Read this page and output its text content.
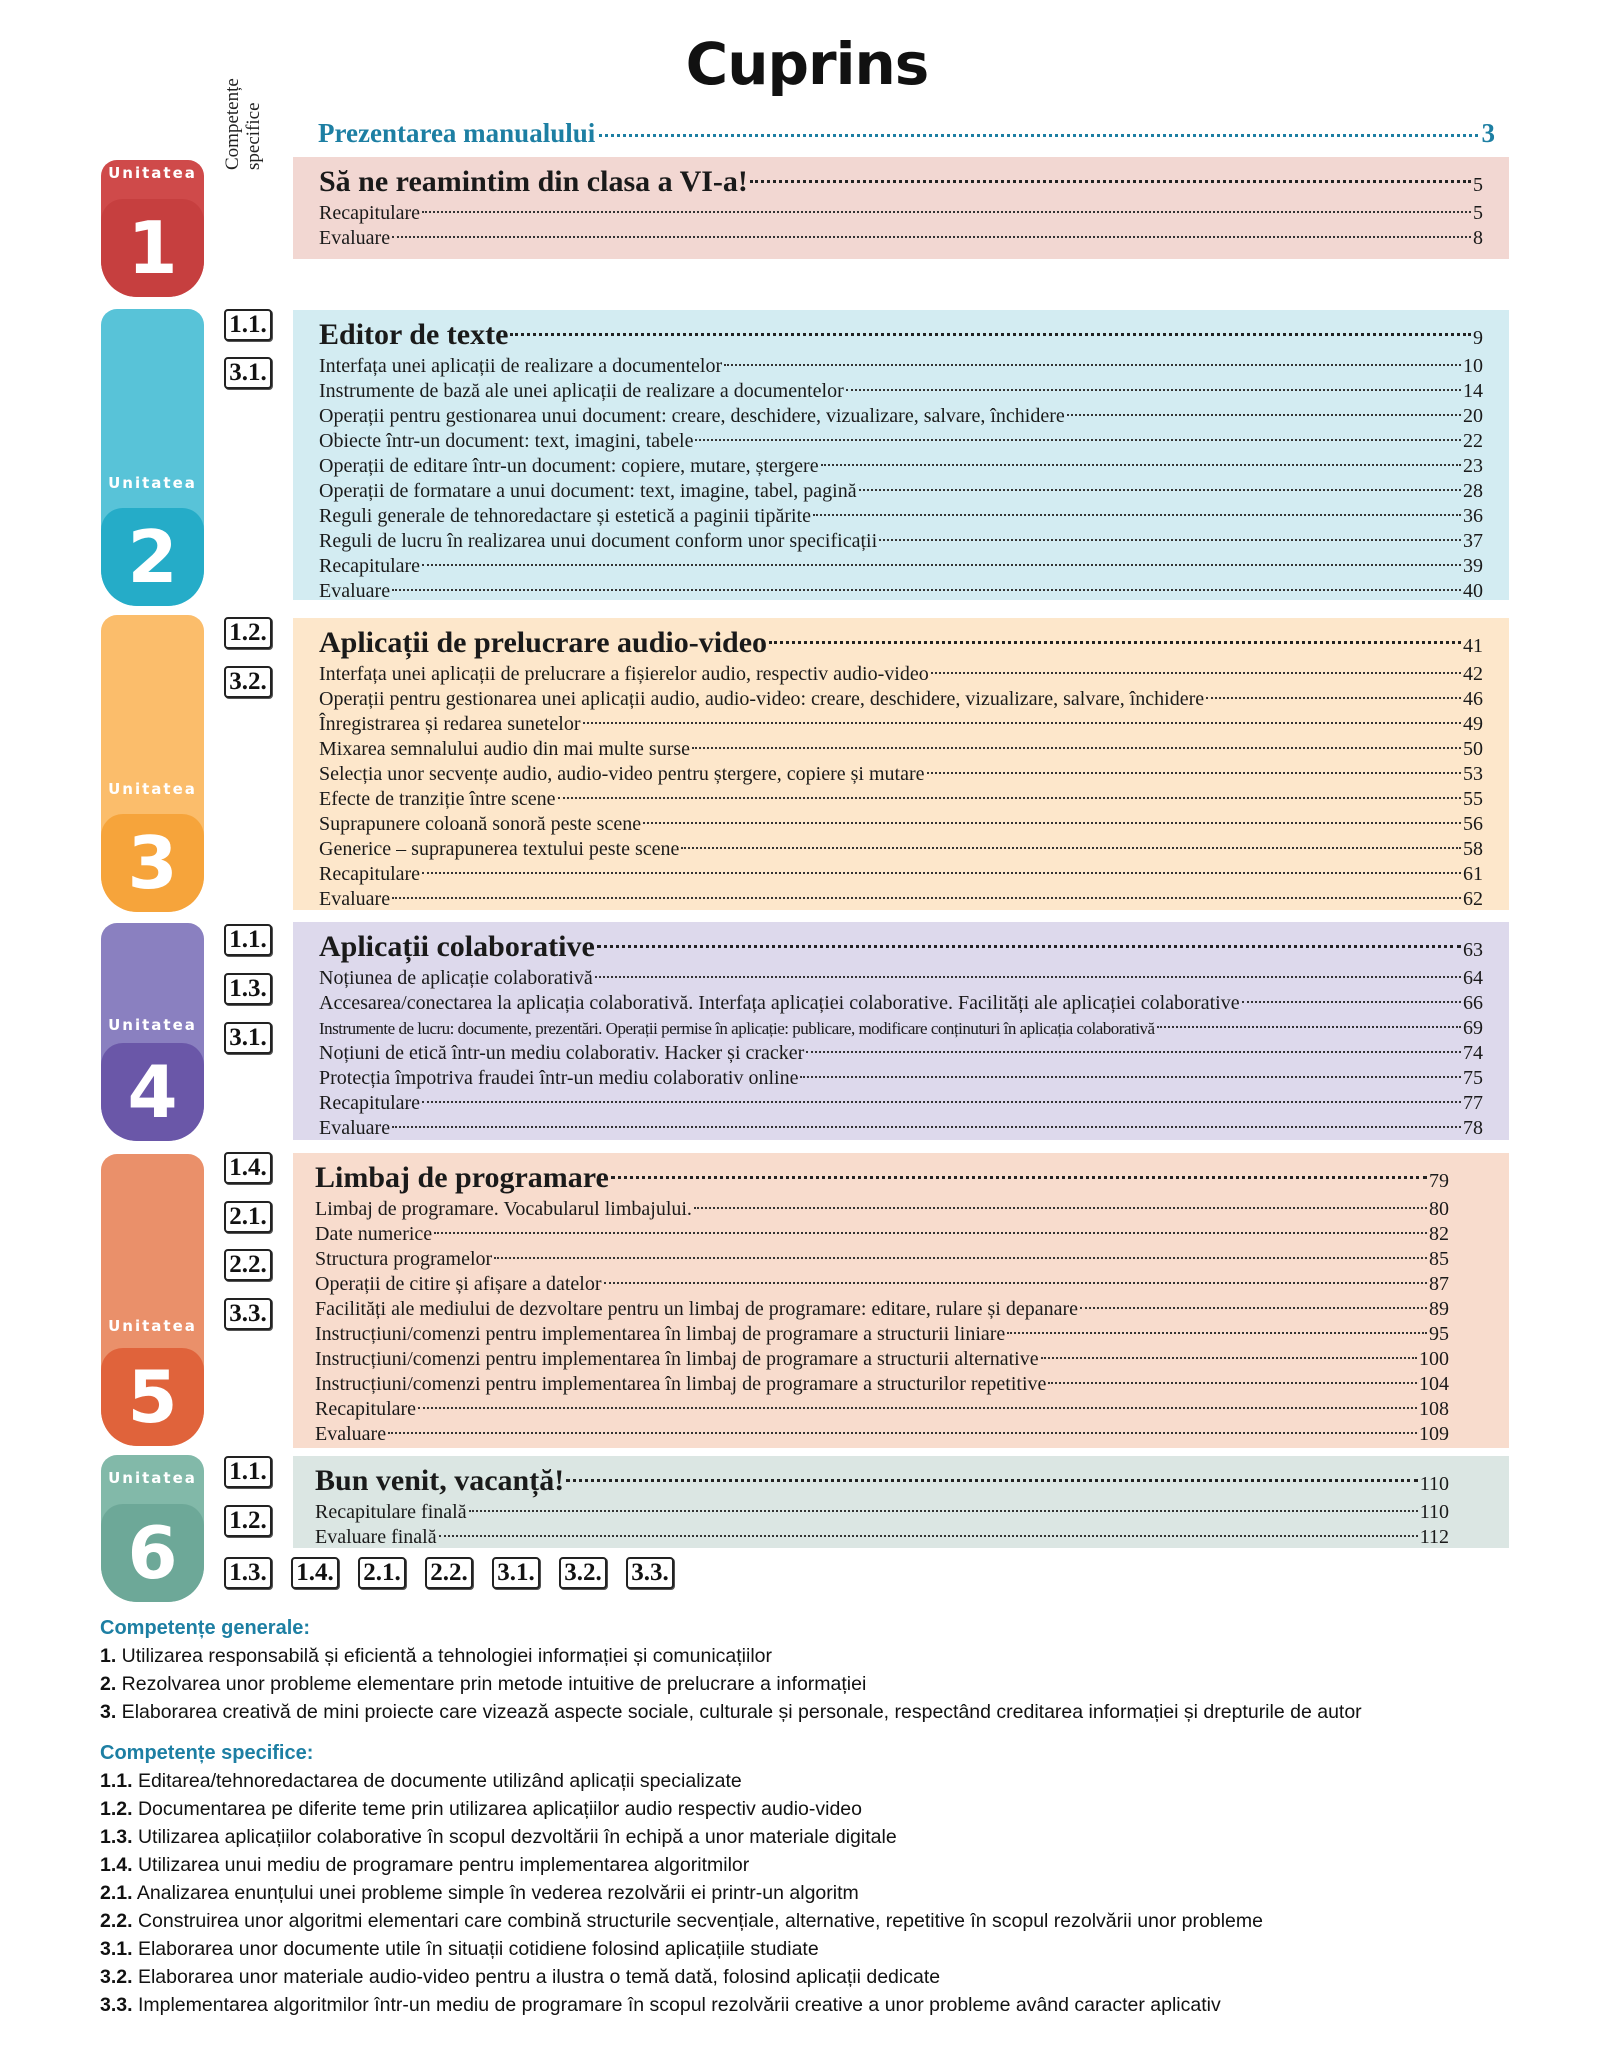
Cuprins
Prezentarea manualului	3
Competențe specifice
Unitatea
1
Să ne reamintim din clasa a VI-a!	5
Recapitulare	5
Evaluare	8
Unitatea
2
1.1.
3.1.
Editor de texte	9
Interfața unei aplicații de realizare a documentelor	10
Instrumente de bază ale unei aplicații de realizare a documentelor	14
Operații pentru gestionarea unui document: creare, deschidere, vizualizare, salvare, închidere	20
Obiecte într-un document: text, imagini, tabele	22
Operații de editare într-un document: copiere, mutare, ștergere	23
Operații de formatare a unui document: text, imagine, tabel, pagină	28
Reguli generale de tehnoredactare și estetică a paginii tipărite	36
Reguli de lucru în realizarea unui document conform unor specificații	37
Recapitulare	39
Evaluare	40
Unitatea
3
1.2.
3.2.
Aplicații de prelucrare audio-video	41
Interfața unei aplicații de prelucrare a fișierelor audio, respectiv audio-video	42
Operații pentru gestionarea unei aplicații audio, audio-video: creare, deschidere, vizualizare, salvare, închidere	46
Înregistrarea și redarea sunetelor	49
Mixarea semnalului audio din mai multe surse	50
Selecția unor secvențe audio, audio-video pentru ștergere, copiere și mutare	53
Efecte de tranziție între scene	55
Suprapunere coloană sonoră peste scene	56
Generice – suprapunerea textului peste scene	58
Recapitulare	61
Evaluare	62
Unitatea
4
1.1.
1.3.
3.1.
Aplicații colaborative	63
Noțiunea de aplicație colaborativă	64
Accesarea/conectarea la aplicația colaborativă. Interfața aplicației colaborative. Facilități ale aplicației colaborative	66
Instrumente de lucru: documente, prezentări. Operații permise în aplicație: publicare, modificare conținuturi în aplicația colaborativă	69
Noțiuni de etică într-un mediu colaborativ. Hacker și cracker	74
Protecția împotriva fraudei într-un mediu colaborativ online	75
Recapitulare	77
Evaluare	78
Unitatea
5
1.4.
2.1.
2.2.
3.3.
Limbaj de programare	79
Limbaj de programare. Vocabularul limbajului.	80
Date numerice	82
Structura programelor	85
Operații de citire și afișare a datelor	87
Facilități ale mediului de dezvoltare pentru un limbaj de programare: editare, rulare și depanare	89
Instrucțiuni/comenzi pentru implementarea în limbaj de programare a structurii liniare	95
Instrucțiuni/comenzi pentru implementarea în limbaj de programare a structurii alternative	100
Instrucțiuni/comenzi pentru implementarea în limbaj de programare a structurilor repetitive	104
Recapitulare	108
Evaluare	109
Unitatea
6
1.1.
1.2.
Bun venit, vacanță!	110
Recapitulare finală	110
Evaluare finală	112
1.3. 1.4. 2.1. 2.2. 3.1. 3.2. 3.3.
Competențe generale:
1. Utilizarea responsabilă și eficientă a tehnologiei informației și comunicațiilor
2. Rezolvarea unor probleme elementare prin metode intuitive de prelucrare a informației
3. Elaborarea creativă de mini proiecte care vizează aspecte sociale, culturale și personale, respectând creditarea informației și drepturile de autor
Competențe specifice:
1.1. Editarea/tehnoredactarea de documente utilizând aplicații specializate
1.2. Documentarea pe diferite teme prin utilizarea aplicațiilor audio respectiv audio-video
1.3. Utilizarea aplicațiilor colaborative în scopul dezvoltării în echipă a unor materiale digitale
1.4. Utilizarea unui mediu de programare pentru implementarea algoritmilor
2.1. Analizarea enunțului unei probleme simple în vederea rezolvării ei printr-un algoritm
2.2. Construirea unor algoritmi elementari care combină structurile secvențiale, alternative, repetitive în scopul rezolvării unor probleme
3.1. Elaborarea unor documente utile în situații cotidiene folosind aplicațiile studiate
3.2. Elaborarea unor materiale audio-video pentru a ilustra o temă dată, folosind aplicații dedicate
3.3. Implementarea algoritmilor într-un mediu de programare în scopul rezolvării creative a unor probleme având caracter aplicativ
